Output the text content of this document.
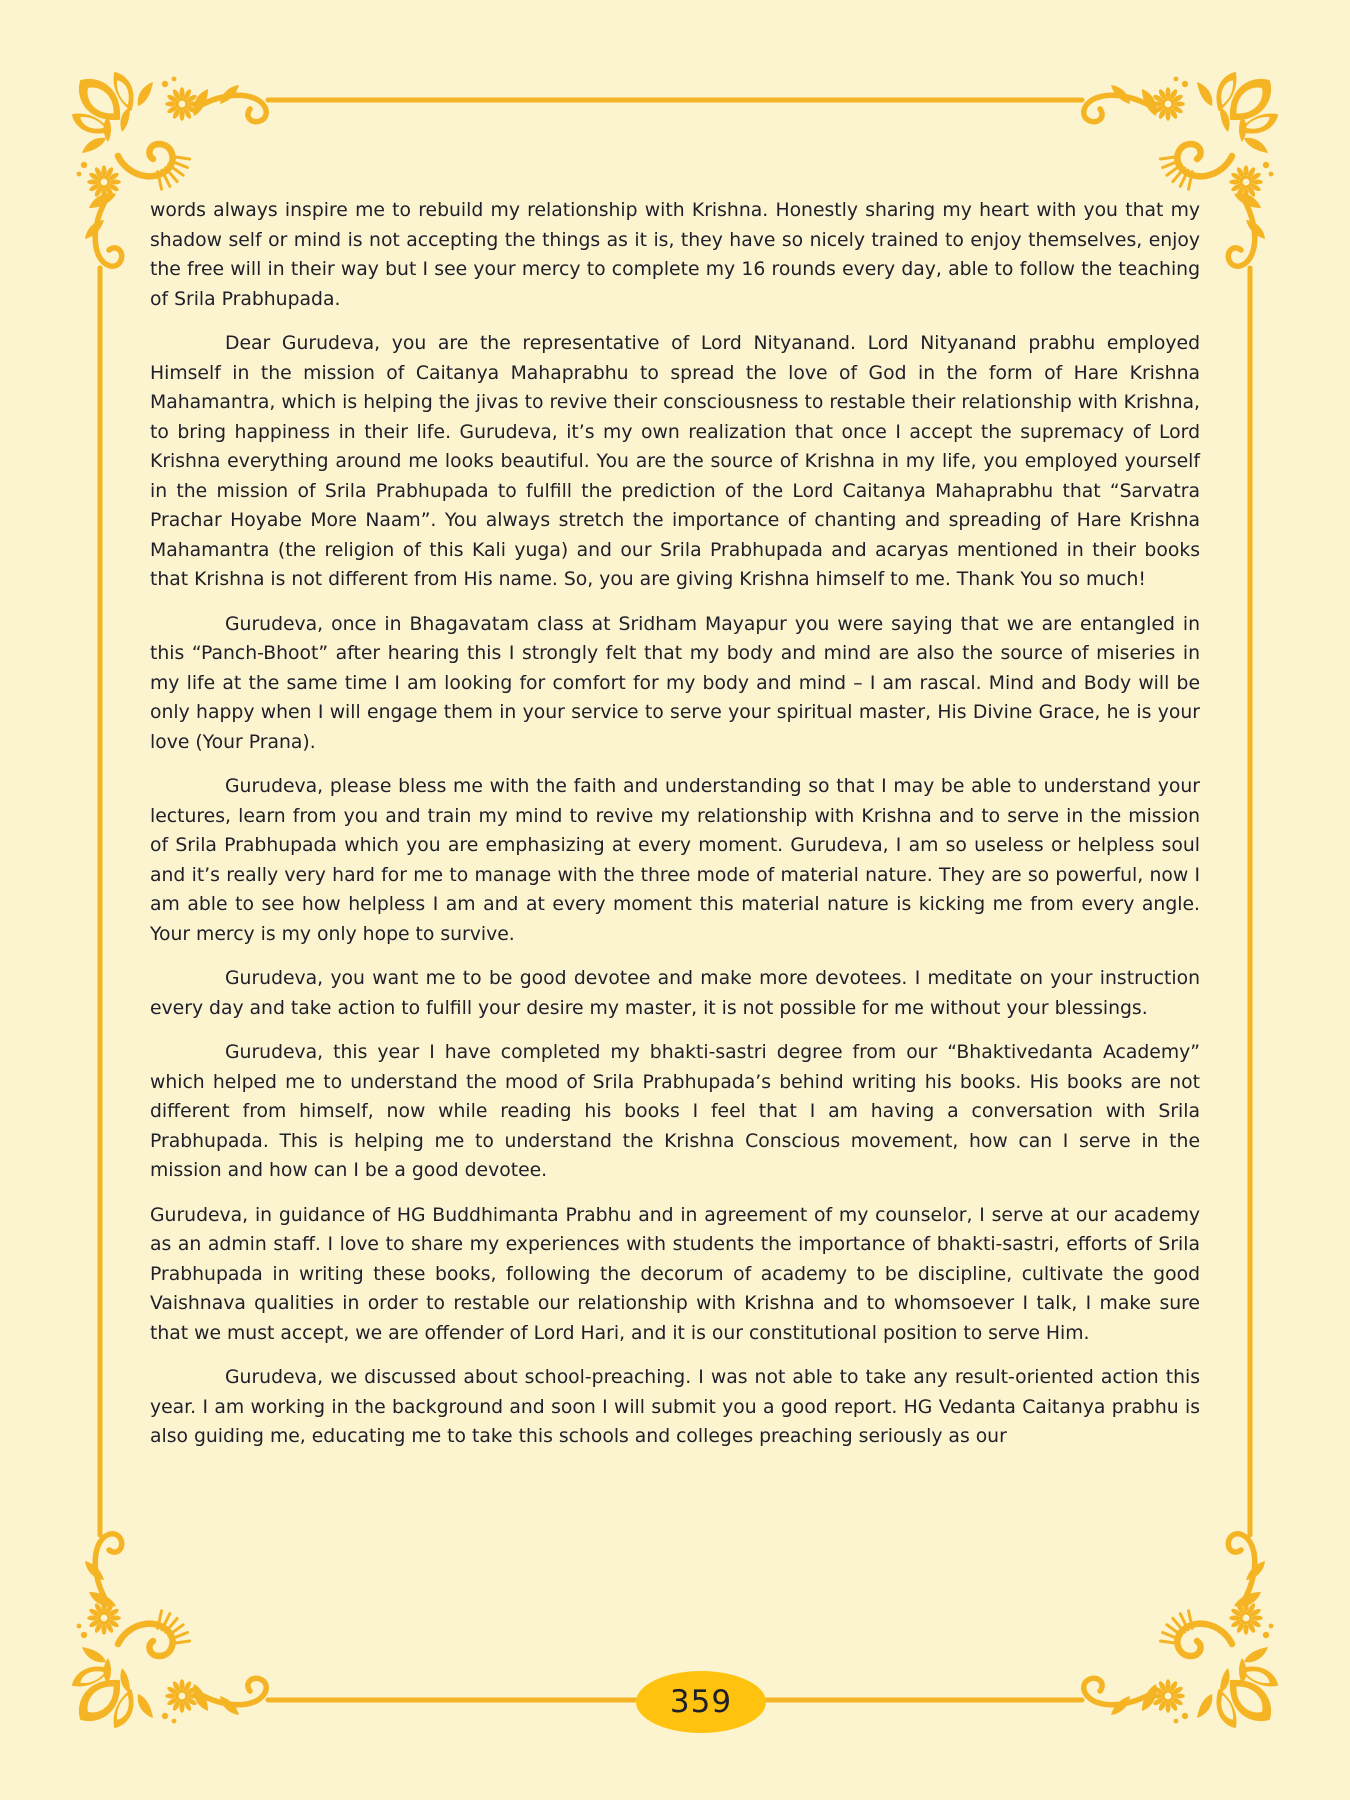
words always inspire me to rebuild my relationship with Krishna. Honestly sharing my heart with you that my shadow self or mind is not accepting the things as it is, they have so nicely trained to enjoy themselves, enjoy the free will in their way but I see your mercy to complete my 16 rounds every day, able to follow the teaching of Srila Prabhupada.

Dear Gurudeva, you are the representative of Lord Nityanand. Lord Nityanand prabhu employed Himself in the mission of Caitanya Mahaprabhu to spread the love of God in the form of Hare Krishna Mahamantra, which is helping the jivas to revive their consciousness to restable their relationship with Krishna, to bring happiness in their life. Gurudeva, it’s my own realization that once I accept the supremacy of Lord Krishna everything around me looks beautiful. You are the source of Krishna in my life, you employed yourself in the mission of Srila Prabhupada to fulfill the prediction of the Lord Caitanya Mahaprabhu that “Sarvatra Prachar Hoyabe More Naam”. You always stretch the importance of chanting and spreading of Hare Krishna Mahamantra (the religion of this Kali yuga) and our Srila Prabhupada and acaryas mentioned in their books that Krishna is not different from His name. So, you are giving Krishna himself to me. Thank You so much!

Gurudeva, once in Bhagavatam class at Sridham Mayapur you were saying that we are entangled in this “Panch-Bhoot” after hearing this I strongly felt that my body and mind are also the source of miseries in my life at the same time I am looking for comfort for my body and mind – I am rascal. Mind and Body will be only happy when I will engage them in your service to serve your spiritual master, His Divine Grace, he is your love (Your Prana).

Gurudeva, please bless me with the faith and understanding so that I may be able to understand your lectures, learn from you and train my mind to revive my relationship with Krishna and to serve in the mission of Srila Prabhupada which you are emphasizing at every moment. Gurudeva, I am so useless or helpless soul and it’s really very hard for me to manage with the three mode of material nature. They are so powerful, now I am able to see how helpless I am and at every moment this material nature is kicking me from every angle. Your mercy is my only hope to survive.

Gurudeva, you want me to be good devotee and make more devotees. I meditate on your instruction every day and take action to fulfill your desire my master, it is not possible for me without your blessings.

Gurudeva, this year I have completed my bhakti-sastri degree from our “Bhaktivedanta Academy” which helped me to understand the mood of Srila Prabhupada’s behind writing his books. His books are not different from himself, now while reading his books I feel that I am having a conversation with Srila Prabhupada. This is helping me to understand the Krishna Conscious movement, how can I serve in the mission and how can I be a good devotee.

Gurudeva, in guidance of HG Buddhimanta Prabhu and in agreement of my counselor, I serve at our academy as an admin staff. I love to share my experiences with students the importance of bhakti-sastri, efforts of Srila Prabhupada in writing these books, following the decorum of academy to be discipline, cultivate the good Vaishnava qualities in order to restable our relationship with Krishna and to whomsoever I talk, I make sure that we must accept, we are offender of Lord Hari, and it is our constitutional position to serve Him.

Gurudeva, we discussed about school-preaching. I was not able to take any result-oriented action this year. I am working in the background and soon I will submit you a good report. HG Vedanta Caitanya prabhu is also guiding me, educating me to take this schools and colleges preaching seriously as our

359
